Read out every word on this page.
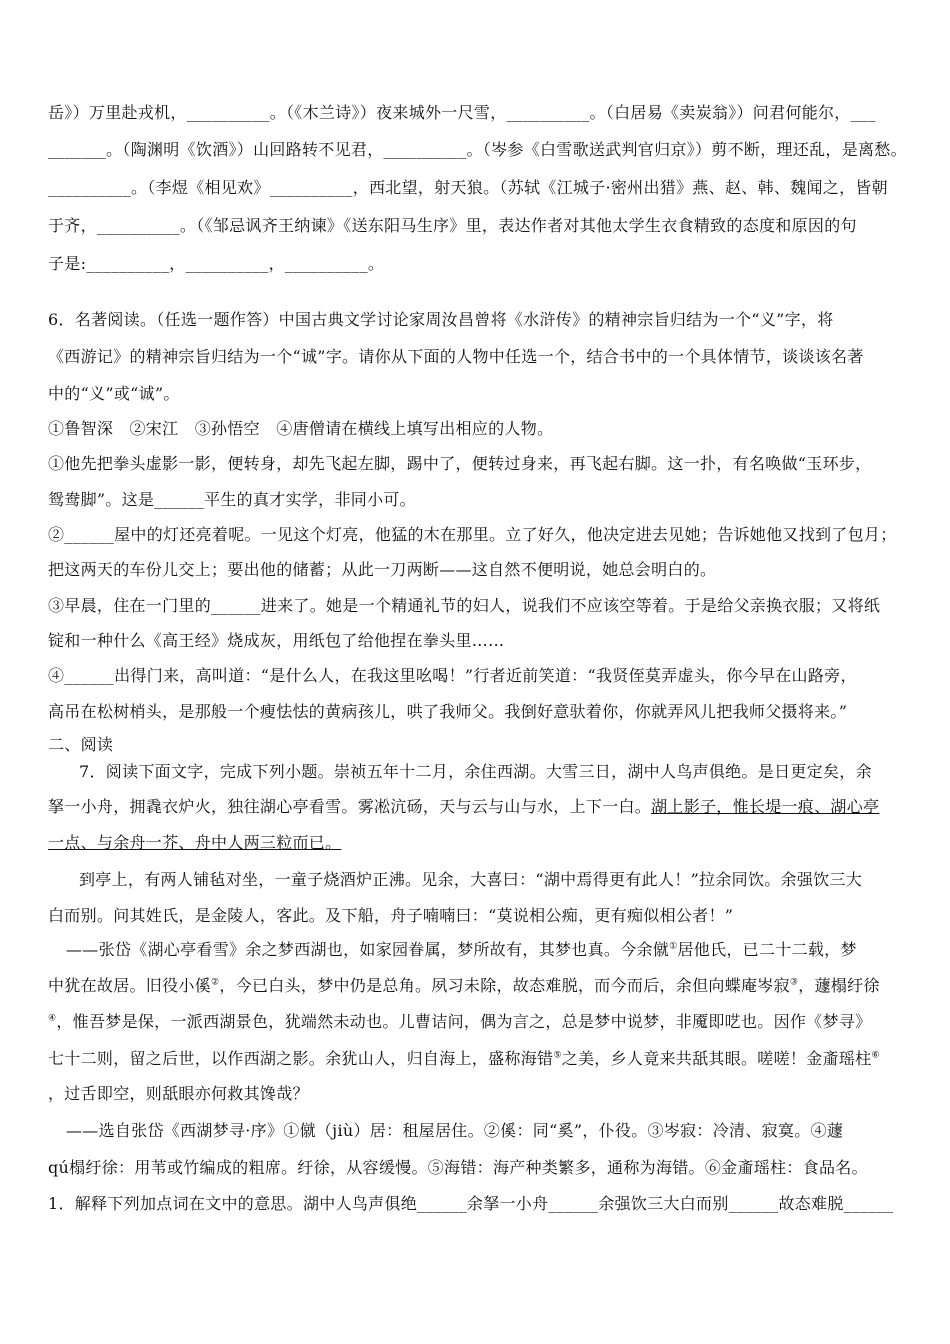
岳》）万里赴戎机，__________。（《木兰诗》）夜来城外一尺雪，__________。（白居易《卖炭翁》）问君何能尔，___
_______。（陶渊明《饮酒》）山回路转不见君，__________。（岑参《白雪歌送武判官归京》）剪不断，理还乱，是离愁。
__________。（李煜《相见欢》__________，西北望，射天狼。（苏轼《江城子·密州出猎》燕、赵、韩、魏闻之，皆朝
于齐，__________。（《邹忌讽齐王纳谏》《送东阳马生序》里，表达作者对其他太学生衣食精致的态度和原因的句
子是:__________，__________，__________。
6．名著阅读。（任选一题作答）中国古典文学讨论家周汝昌曾将《水浒传》的精神宗旨归结为一个“义”字，将
《西游记》的精神宗旨归结为一个“诚”字。请你从下面的人物中任选一个，结合书中的一个具体情节，谈谈该名著
中的“义”或“诚”。
①鲁智深　②宋江　③孙悟空　④唐僧请在横线上填写出相应的人物。
①他先把拳头虚影一影，便转身，却先飞起左脚，踢中了，便转过身来，再飞起右脚。这一扑，有名唤做“玉环步，
鸳鸯脚”。这是______平生的真才实学，非同小可。
②______屋中的灯还亮着呢。一见这个灯亮，他猛的木在那里。立了好久，他决定进去见她；告诉她他又找到了包月；
把这两天的车份儿交上；要出他的储蓄；从此一刀两断——这自然不便明说，她总会明白的。
③早晨，住在一门里的______进来了。她是一个精通礼节的妇人，说我们不应该空等着。于是给父亲换衣服；又将纸
锭和一种什么《高王经》烧成灰，用纸包了给他捏在拳头里……
④______出得门来，高叫道：“是什么人，在我这里吆喝！”行者近前笑道：“我贤侄莫弄虚头，你今早在山路旁，
高吊在松树梢头，是那般一个瘦怯怯的黄病孩儿，哄了我师父。我倒好意驮着你，你就弄风儿把我师父摄将来。”
二、阅读
7．阅读下面文字，完成下列小题。崇祯五年十二月，余住西湖。大雪三日，湖中人鸟声俱绝。是日更定矣，余
拏一小舟，拥毳衣炉火，独往湖心亭看雪。雾凇沆砀，天与云与山与水，上下一白。湖上影子，惟长堤一痕、湖心亭
一点、与余舟一芥、舟中人两三粒而已。
到亭上，有两人铺毡对坐，一童子烧酒炉正沸。见余，大喜曰：“湖中焉得更有此人！”拉余同饮。余强饮三大
白而别。问其姓氏，是金陵人，客此。及下船，舟子喃喃曰：“莫说相公痴，更有痴似相公者！”
——张岱《湖心亭看雪》余之梦西湖也，如家园眷属，梦所故有，其梦也真。今余僦①居他氏，已二十二载，梦
中犹在故居。旧役小傒②，今已白头，梦中仍是总角。夙习未除，故态难脱，而今而后，余但向蝶庵岑寂③，蘧榻纡徐
④，惟吾梦是保，一派西湖景色，犹端然未动也。儿曹诘问，偶为言之，总是梦中说梦，非魇即呓也。因作《梦寻》
七十二则，留之后世，以作西湖之影。余犹山人，归自海上，盛称海错⑤之美，乡人竟来共舐其眼。嗟嗟！金齑瑶柱⑥
，过舌即空，则舐眼亦何救其馋哉？
——选自张岱《西湖梦寻·序》①僦（jiù）居：租屋居住。②傒：同“奚”，仆役。③岑寂：冷清、寂寞。④蘧
qú榻纡徐：用苇或竹编成的粗席。纡徐，从容缓慢。⑤海错：海产种类繁多，通称为海错。⑥金齑瑶柱：食品名。
1．解释下列加点词在文中的意思。湖中人鸟声俱绝______余拏一小舟______余强饮三大白而别______故态难脱______
